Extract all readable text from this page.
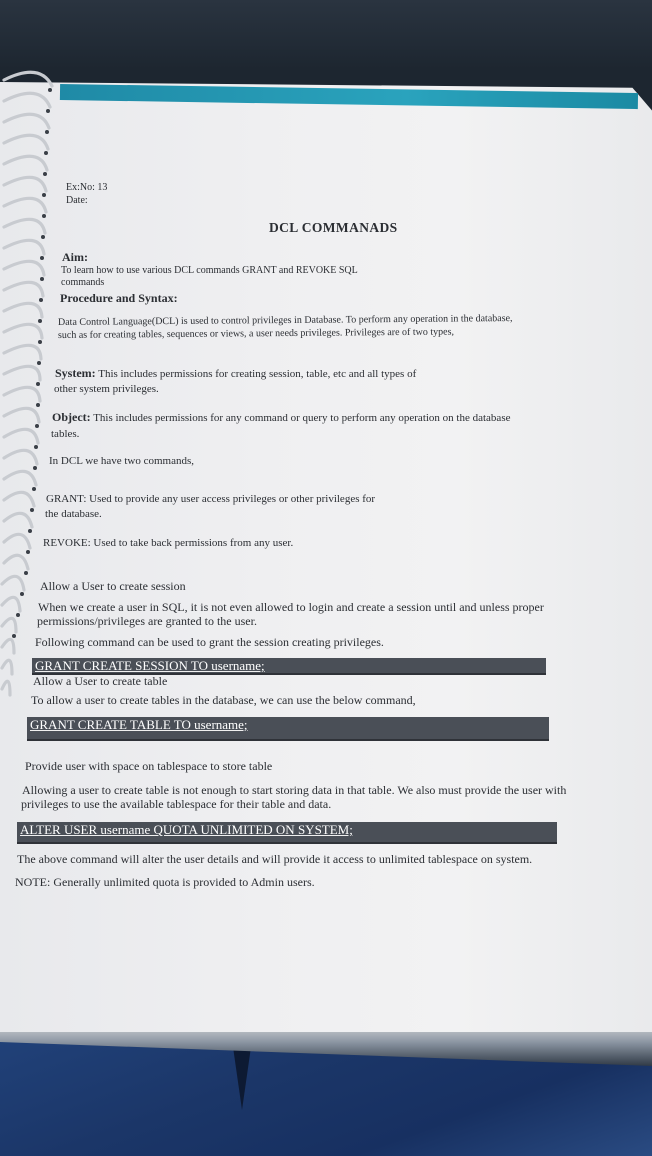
Ex:No: 13
Date:
DCL COMMANADS
Aim:
To learn how to use various DCL commands GRANT and REVOKE SQL
commands
Procedure and Syntax:
Data Control Language(DCL) is used to control privileges in Database. To perform any operation in the database,
such as for creating tables, sequences or views, a user needs privileges. Privileges are of two types,
System: This includes permissions for creating session, table, etc and all types of
other system privileges.
Object: This includes permissions for any command or query to perform any operation on the database
tables.
In DCL we have two commands,
GRANT: Used to provide any user access privileges or other privileges for
the database.
REVOKE: Used to take back permissions from any user.
Allow a User to create session
When we create a user in SQL, it is not even allowed to login and create a session until and unless proper
permissions/privileges are granted to the user.
Following command can be used to grant the session creating privileges.
GRANT CREATE SESSION TO username;
Allow a User to create table
To allow a user to create tables in the database, we can use the below command,
GRANT CREATE TABLE TO username;
Provide user with space on tablespace to store table
Allowing a user to create table is not enough to start storing data in that table. We also must provide the user with
privileges to use the available tablespace for their table and data.
ALTER USER username QUOTA UNLIMITED ON SYSTEM;
The above command will alter the user details and will provide it access to unlimited tablespace on system.
NOTE: Generally unlimited quota is provided to Admin users.
